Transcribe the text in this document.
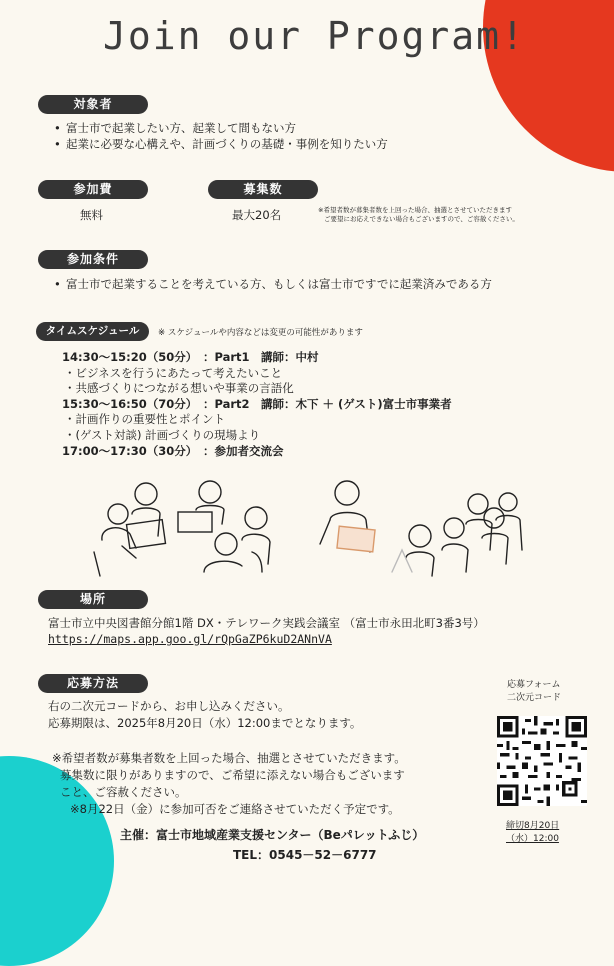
Join our Program!
対象者
• 富士市で起業したい方、起業して間もない方
• 起業に必要な心構えや、計画づくりの基礎・事例を知りたい方
参加費
無料
募集数
最大20名	※希望者数が募集者数を上回った場合、抽選とさせていただきます
ご要望にお応えできない場合もございますので、ご容赦ください。
参加条件
• 富士市で起業することを考えている方、もしくは富士市ですでに起業済みである方
タイムスケジュール	※ スケジュールや内容などは変更の可能性があります
14:30〜15:20（50分）　：Part1　講師：中村
・ビジネスを行うにあたって考えたいこと
・共感づくりにつながる想いや事業の言語化
15:30〜16:50（70分）　：Part2　講師：木下 ＋ (ゲスト)富士市事業者
・計画作りの重要性とポイント
・(ゲスト対談) 計画づくりの現場より
17:00〜17:30（30分）　：参加者交流会
場所
富士市立中央図書館分館1階 DX・テレワーク実践会議室 （富士市永田北町3番3号）
https://maps.app.goo.gl/rQpGaZP6kuD2ANnVA
応募方法
右の二次元コードから、お申し込みください。
応募期限は、2025年8月20日（水）12:00までとなります。
※希望者数が募集者数を上回った場合、抽選とさせていただきます。
募集数に限りがありますので、ご希望に添えない場合もございます
こと、ご容赦ください。
※8月22日（金）に参加可否をご連絡させていただく予定です。
応募フォーム
二次元コード
締切8月20日
（水）12:00
主催：富士市地域産業支援センター（Beパレットふじ）
TEL：0545－52－6777
